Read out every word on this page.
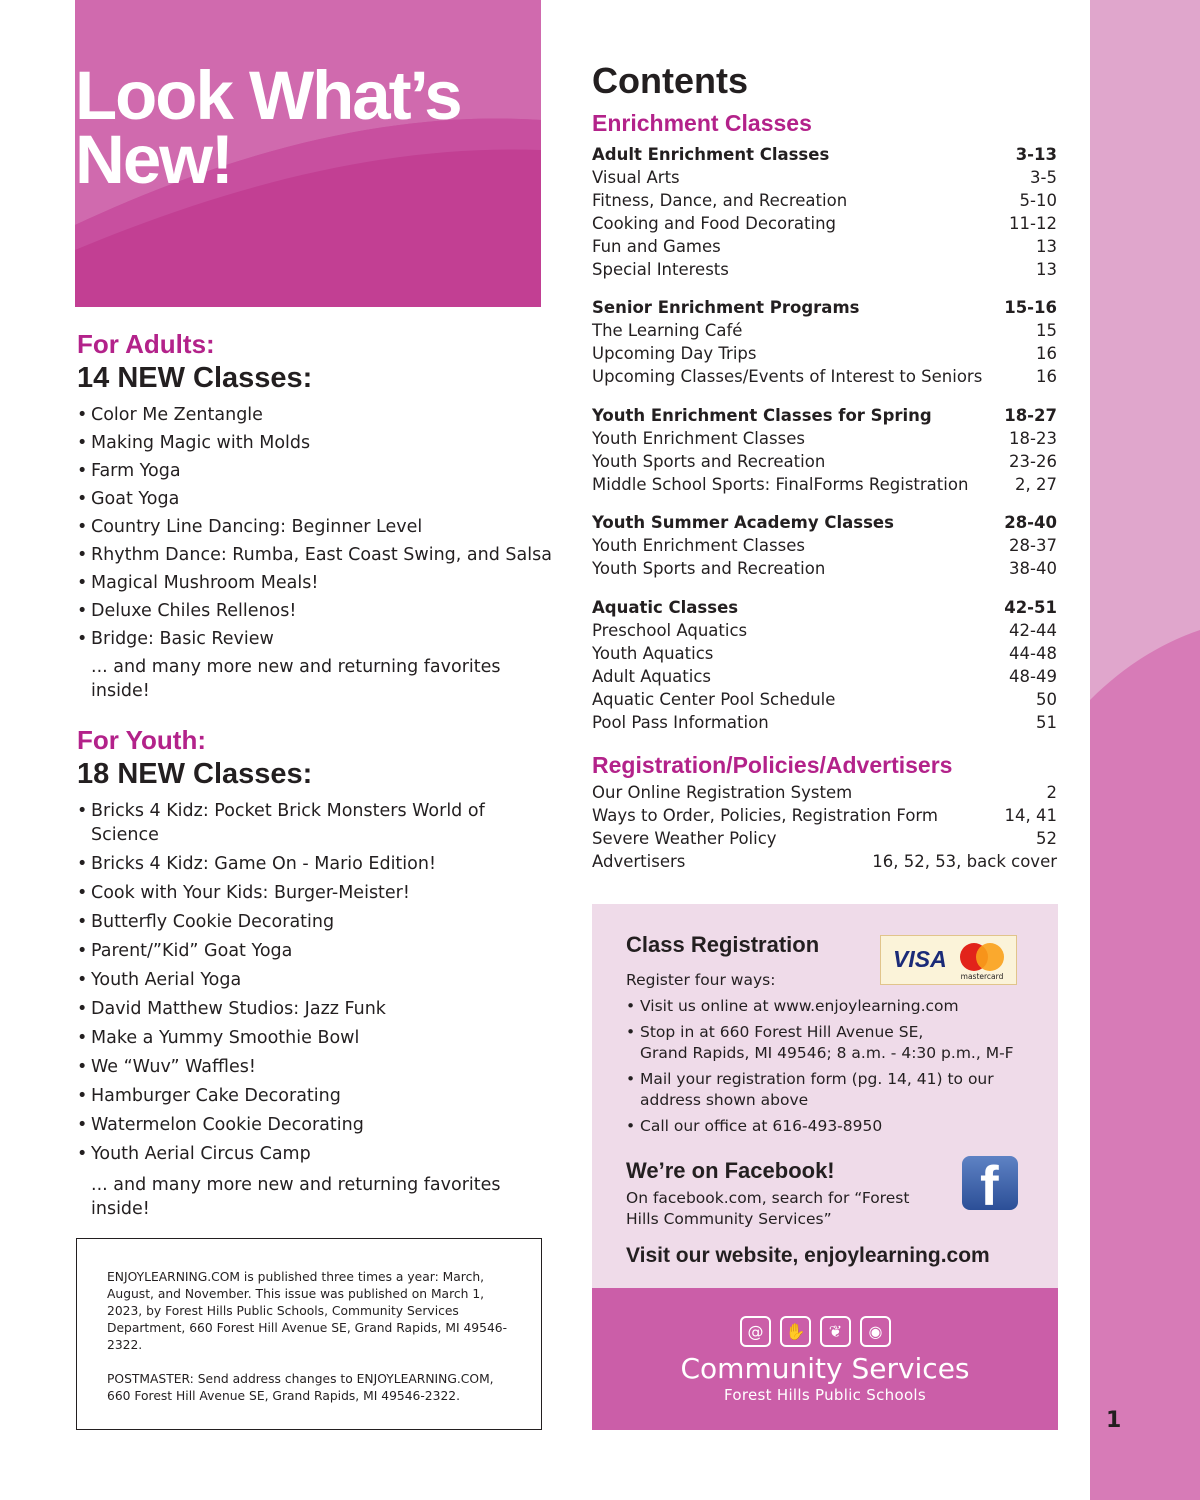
1
Look What’s
New!
For Adults:
14 NEW Classes:
• Color Me Zentangle
• Making Magic with Molds
• Farm Yoga
• Goat Yoga
• Country Line Dancing: Beginner Level
• Rhythm Dance: Rumba, East Coast Swing, and Salsa
• Magical Mushroom Meals!
• Deluxe Chiles Rellenos!
• Bridge: Basic Review
... and many more new and returning favorites inside!
For Youth:
18 NEW Classes:
• Bricks 4 Kidz: Pocket Brick Monsters World of Science
• Bricks 4 Kidz: Game On - Mario Edition!
• Cook with Your Kids: Burger-Meister!
• Butterfly Cookie Decorating
• Parent/”Kid” Goat Yoga
• Youth Aerial Yoga
• David Matthew Studios: Jazz Funk
• Make a Yummy Smoothie Bowl
• We “Wuv” Waffles!
• Hamburger Cake Decorating
• Watermelon Cookie Decorating
• Youth Aerial Circus Camp
... and many more new and returning favorites inside!

ENJOYLEARNING.COM is published three times a year: March, August, and November. This issue was published on March 1, 2023, by Forest Hills Public Schools, Community Services Department, 660 Forest Hill Avenue SE, Grand Rapids, MI 49546-2322.

POSTMASTER: Send address changes to ENJOYLEARNING.COM, 660 Forest Hill Avenue SE, Grand Rapids, MI 49546-2322.

Contents
Enrichment Classes
Adult Enrichment Classes	3-13
Visual Arts	3-5
Fitness, Dance, and Recreation	5-10
Cooking and Food Decorating	11-12
Fun and Games	13
Special Interests	13
Senior Enrichment Programs	15-16
The Learning Café	15
Upcoming Day Trips	16
Upcoming Classes/Events of Interest to Seniors	16
Youth Enrichment Classes for Spring	18-27
Youth Enrichment Classes	18-23
Youth Sports and Recreation	23-26
Middle School Sports: FinalForms Registration	2, 27
Youth Summer Academy Classes	28-40
Youth Enrichment Classes	28-37
Youth Sports and Recreation	38-40
Aquatic Classes	42-51
Preschool Aquatics	42-44
Youth Aquatics	44-48
Adult Aquatics	48-49
Aquatic Center Pool Schedule	50
Pool Pass Information	51
Registration/Policies/Advertisers
Our Online Registration System	2
Ways to Order, Policies, Registration Form	14, 41
Severe Weather Policy	52
Advertisers	16, 52, 53, back cover
Class Registration
Register four ways:
VISA
mastercard
• Visit us online at www.enjoylearning.com
• Stop in at 660 Forest Hill Avenue SE,
Grand Rapids, MI 49546; 8 a.m. - 4:30 p.m., M-F
• Mail your registration form (pg. 14, 41) to our
address shown above
• Call our office at 616-493-8950
We’re on Facebook!
On facebook.com, search for “Forest
Hills Community Services”
f
Visit our website, enjoylearning.com
@	✋	❦	◉
Community Services
Forest Hills Public Schools
